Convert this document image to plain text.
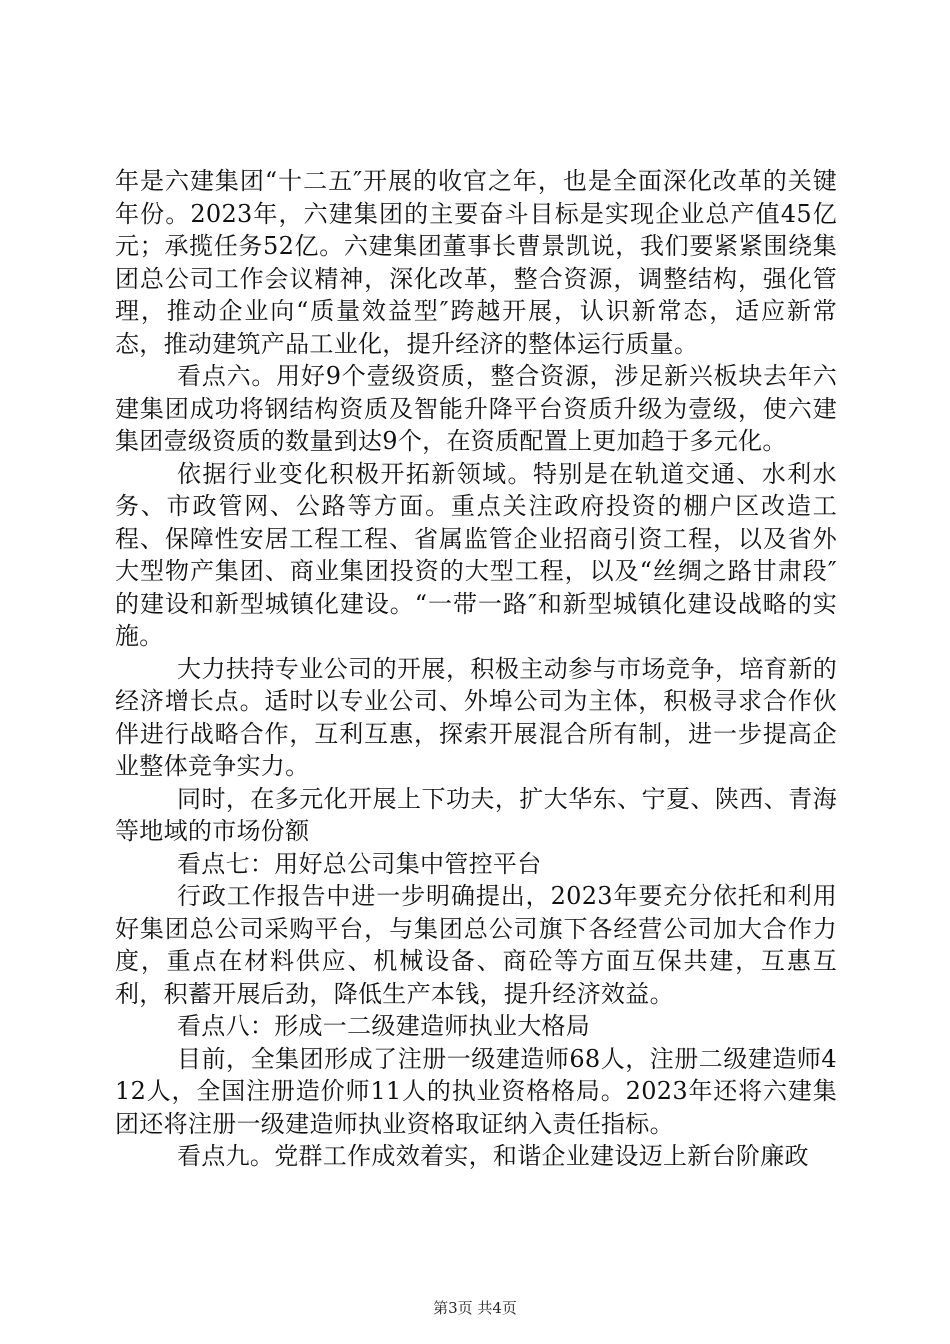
年是六建集团“十二五″开展的收官之年，也是全面深化改革的关键年份。2023年，六建集团的主要奋斗目标是实现企业总产值45亿元；承揽任务52亿。六建集团董事长曹景凯说，我们要紧紧围绕集团总公司工作会议精神，深化改革，整合资源，调整结构，强化管理，推动企业向“质量效益型″跨越开展，认识新常态，适应新常态，推动建筑产品工业化，提升经济的整体运行质量。

看点六。用好9个壹级资质，整合资源，涉足新兴板块去年六建集团成功将钢结构资质及智能升降平台资质升级为壹级，使六建集团壹级资质的数量到达9个，在资质配置上更加趋于多元化。

依据行业变化积极开拓新领域。特别是在轨道交通、水利水务、市政管网、公路等方面。重点关注政府投资的棚户区改造工程、保障性安居工程工程、省属监管企业招商引资工程，以及省外大型物产集团、商业集团投资的大型工程，以及“丝绸之路甘肃段″的建设和新型城镇化建设。“一带一路″和新型城镇化建设战略的实施。

大力扶持专业公司的开展，积极主动参与市场竞争，培育新的经济增长点。适时以专业公司、外埠公司为主体，积极寻求合作伙伴进行战略合作，互利互惠，探索开展混合所有制，进一步提高企业整体竞争实力。

同时，在多元化开展上下功夫，扩大华东、宁夏、陕西、青海等地域的市场份额

看点七：用好总公司集中管控平台

行政工作报告中进一步明确提出，2023年要充分依托和利用好集团总公司采购平台，与集团总公司旗下各经营公司加大合作力度，重点在材料供应、机械设备、商砼等方面互保共建，互惠互利，积蓄开展后劲，降低生产本钱，提升经济效益。

看点八：形成一二级建造师执业大格局

目前，全集团形成了注册一级建造师68人，注册二级建造师412人，全国注册造价师11人的执业资格格局。2023年还将六建集团还将注册一级建造师执业资格取证纳入责任指标。

看点九。党群工作成效着实，和谐企业建设迈上新台阶廉政

第3页 共4页
